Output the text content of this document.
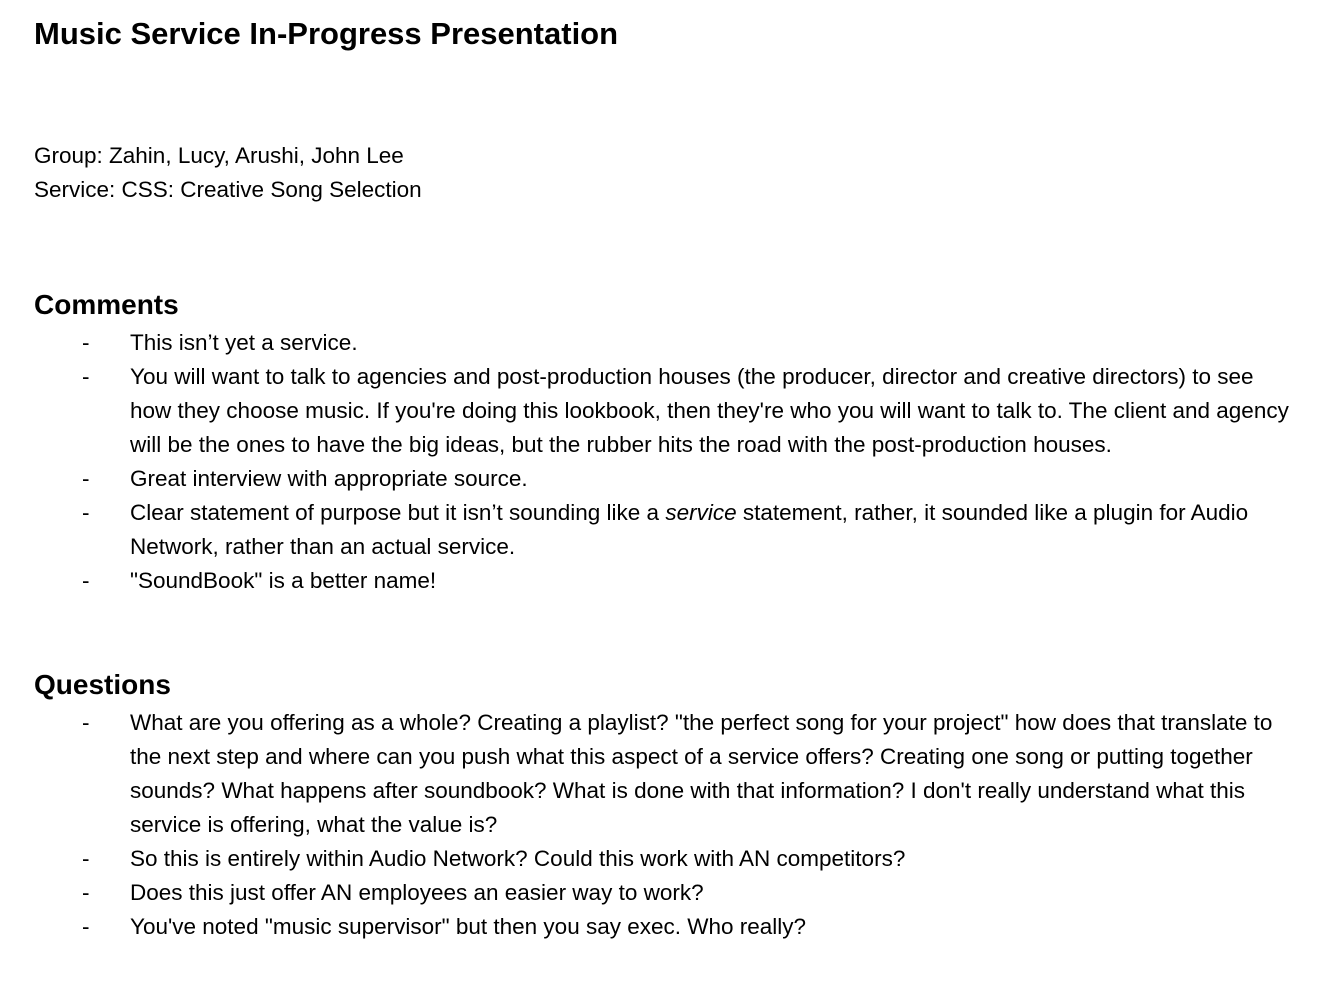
Music Service In-Progress Presentation
Group: Zahin, Lucy, Arushi, John Lee
Service: CSS: Creative Song Selection
Comments
- This isn’t yet a service.
- You will want to talk to agencies and post-production houses (the producer, director and creative directors) to see how they choose music. If you're doing this lookbook, then they're who you will want to talk to. The client and agency will be the ones to have the big ideas, but the rubber hits the road with the post-production houses.
- Great interview with appropriate source.
- Clear statement of purpose but it isn’t sounding like a service statement, rather, it sounded like a plugin for Audio Network, rather than an actual service.
- "SoundBook" is a better name!
Questions
- What are you offering as a whole? Creating a playlist? "the perfect song for your project" how does that translate to the next step and where can you push what this aspect of a service offers? Creating one song or putting together sounds? What happens after soundbook? What is done with that information? I don't really understand what this service is offering, what the value is?
- So this is entirely within Audio Network? Could this work with AN competitors?
- Does this just offer AN employees an easier way to work?
- You've noted "music supervisor" but then you say exec. Who really?
